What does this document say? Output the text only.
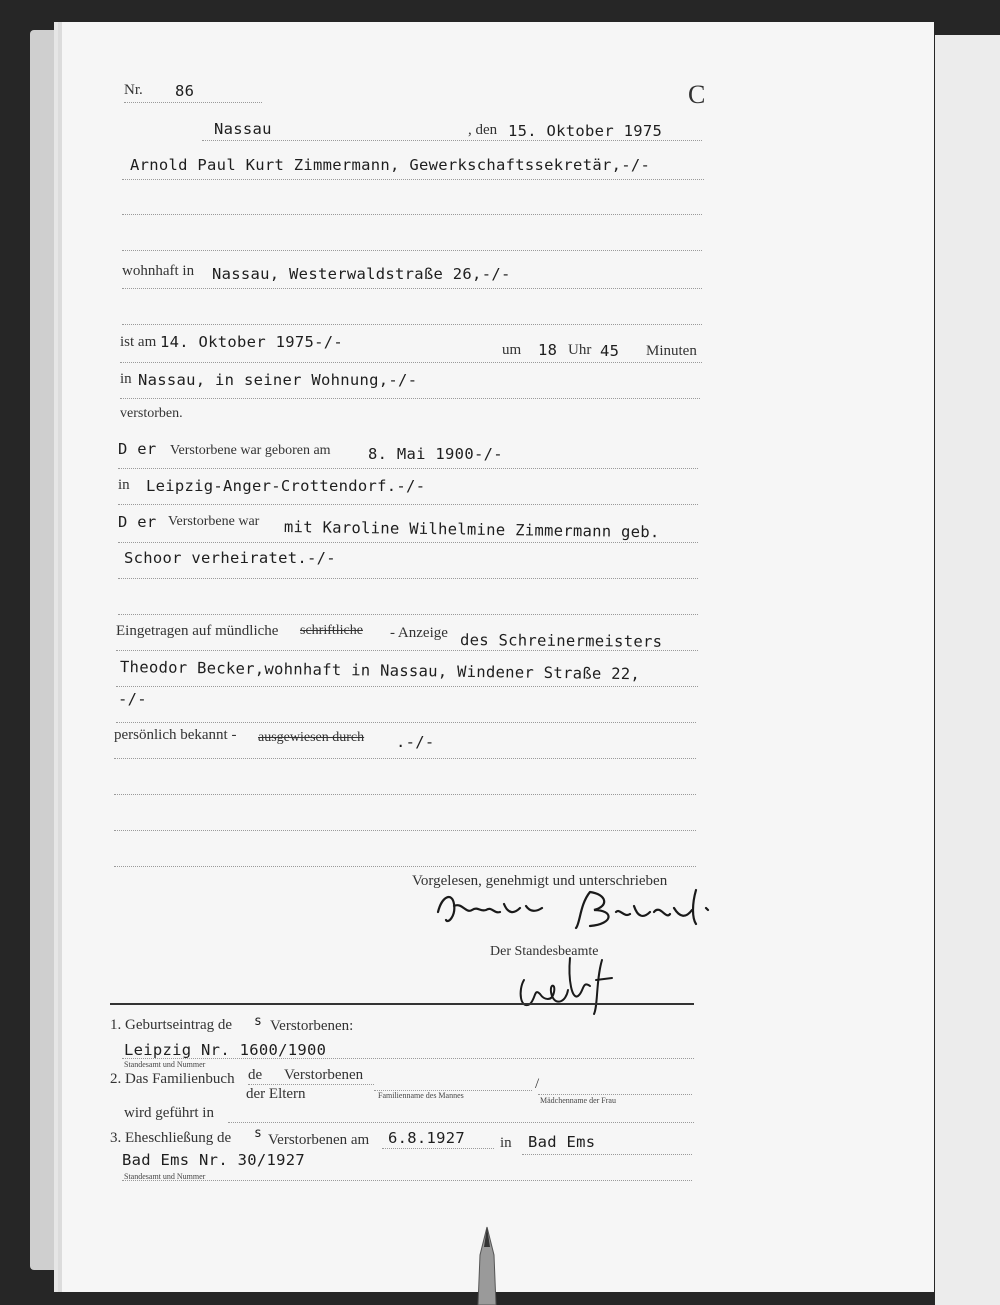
Nr. 86	C
Nassau	, den 15. Oktober 1975
Arnold Paul Kurt Zimmermann, Gewerkschaftssekretär,-/-
wohnhaft in Nassau, Westerwaldstraße 26,-/-
ist am 14. Oktober 1975-/-	um 18 Uhr 45 Minuten
in Nassau, in seiner Wohnung,-/-
verstorben.
D er Verstorbene war geboren am 8. Mai 1900-/-
in Leipzig-Anger-Crottendorf.-/-
D er Verstorbene war mit Karoline Wilhelmine Zimmermann geb.
Schoor verheiratet.-/-
Eingetragen auf mündliche schriftliche - Anzeige des Schreinermeisters
Theodor Becker,wohnhaft in Nassau, Windener Straße 22,
-/-
persönlich bekannt - ausgewiesen durch .-/-
Vorgelesen, genehmigt und unterschrieben
Der Standesbeamte
1. Geburtseintrag de s Verstorbenen:
Leipzig Nr. 1600/1900
Standesamt und Nummer
2. Das Familienbuch de Verstorbenen
der Eltern	Familienname des Mannes
/
Mädchenname der Frau
wird geführt in
3. Eheschließung de s Verstorbenen am 6.8.1927 in Bad Ems
Bad Ems Nr. 30/1927
Standesamt und Nummer
